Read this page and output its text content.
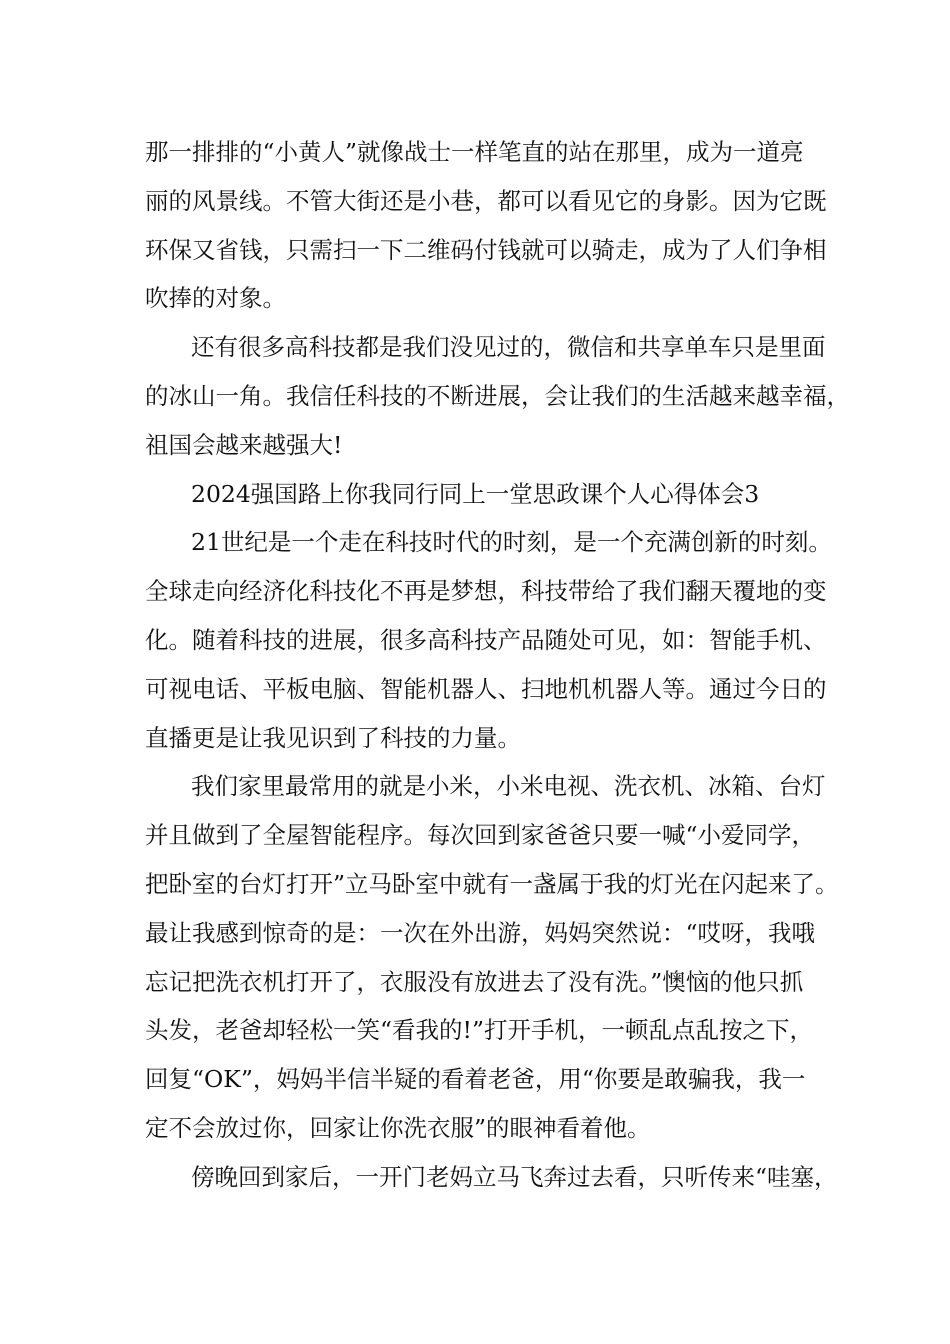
那一排排的“小黄人”就像战士一样笔直的站在那里，成为一道亮
丽的风景线。不管大街还是小巷，都可以看见它的身影。因为它既
环保又省钱，只需扫一下二维码付钱就可以骑走，成为了人们争相
吹捧的对象。
还有很多高科技都是我们没见过的，微信和共享单车只是里面
的冰山一角。我信任科技的不断进展，会让我们的生活越来越幸福，
祖国会越来越强大!
2024强国路上你我同行同上一堂思政课个人心得体会3
21世纪是一个走在科技时代的时刻，是一个充满创新的时刻。
全球走向经济化科技化不再是梦想，科技带给了我们翻天覆地的变
化。随着科技的进展，很多高科技产品随处可见，如：智能手机、
可视电话、平板电脑、智能机器人、扫地机机器人等。通过今日的
直播更是让我见识到了科技的力量。
我们家里最常用的就是小米，小米电视、洗衣机、冰箱、台灯
并且做到了全屋智能程序。每次回到家爸爸只要一喊“小爱同学，
把卧室的台灯打开”立马卧室中就有一盏属于我的灯光在闪起来了。
最让我感到惊奇的是：一次在外出游，妈妈突然说：“哎呀，我哦
忘记把洗衣机打开了，衣服没有放进去了没有洗。”懊恼的他只抓
头发，老爸却轻松一笑“看我的!”打开手机，一顿乱点乱按之下，
回复“OK”，妈妈半信半疑的看着老爸，用“你要是敢骗我，我一
定不会放过你，回家让你洗衣服”的眼神看着他。
傍晚回到家后，一开门老妈立马飞奔过去看，只听传来“哇塞，
